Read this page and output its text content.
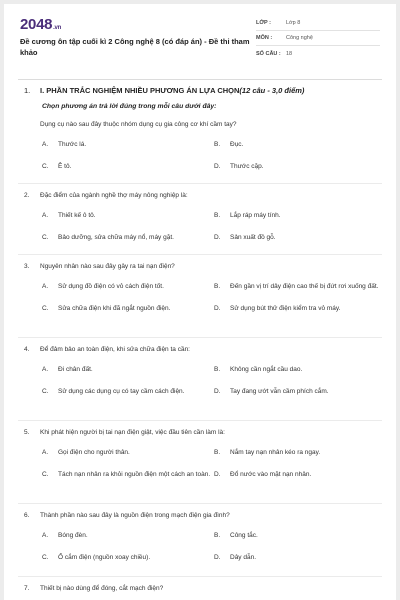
2048.vn
Đề cương ôn tập cuối kì 2 Công nghệ 8 (có đáp án) - Đề thi tham khảo
LỚP :	Lớp 8
MÔN :	Công nghệ
SỐ CÂU : 18
1. I. PHẦN TRẮC NGHIỆM NHIỀU PHƯƠNG ÁN LỰA CHỌN(12 câu - 3,0 điểm)
Chọn phương án trả lời đúng trong mỗi câu dưới đây:
Dụng cụ nào sau đây thuộc nhóm dụng cụ gia công cơ khí cầm tay?
A.	Thước lá.	B.	Đục.
C.	Ê tô.	D.	Thước cặp.
2.	Đặc điểm của ngành nghề thợ máy nông nghiệp là:
A.	Thiết kế ô tô.	B.	Lắp ráp máy tính.
C.	Bảo dưỡng, sửa chữa máy nổ, máy gặt.	D.	Sản xuất đồ gỗ.
3.	Nguyên nhân nào sau đây gây ra tai nạn điện?
A.	Sử dụng đồ điện có vỏ cách điện tốt.	B.	Đến gần vị trí dây điện cao thế bị đứt rơi xuống đất.
C.	Sửa chữa điện khi đã ngắt nguồn điện.	D.	Sử dụng bút thử điện kiểm tra vỏ máy.
4.	Để đảm bảo an toàn điện, khi sửa chữa điện ta cần:
A.	Đi chân đất.	B.	Không cần ngắt cầu dao.
C.	Sử dụng các dụng cụ có tay cầm cách điện.	D.	Tay đang ướt vẫn cầm phích cắm.
5.	Khi phát hiện người bị tai nạn điện giật, việc đầu tiên cần làm là:
A.	Gọi điện cho người thân.	B.	Nắm tay nạn nhân kéo ra ngay.
C.	Tách nạn nhân ra khỏi nguồn điện một cách an toàn. D.	Đổ nước vào mặt nạn nhân.
6.	Thành phần nào sau đây là nguồn điện trong mạch điện gia đình?
A.	Bóng đèn.	B.	Công tắc.
C.	Ổ cắm điện (nguồn xoay chiều).	D.	Dây dẫn.
7.	Thiết bị nào dùng để đóng, cắt mạch điện?
